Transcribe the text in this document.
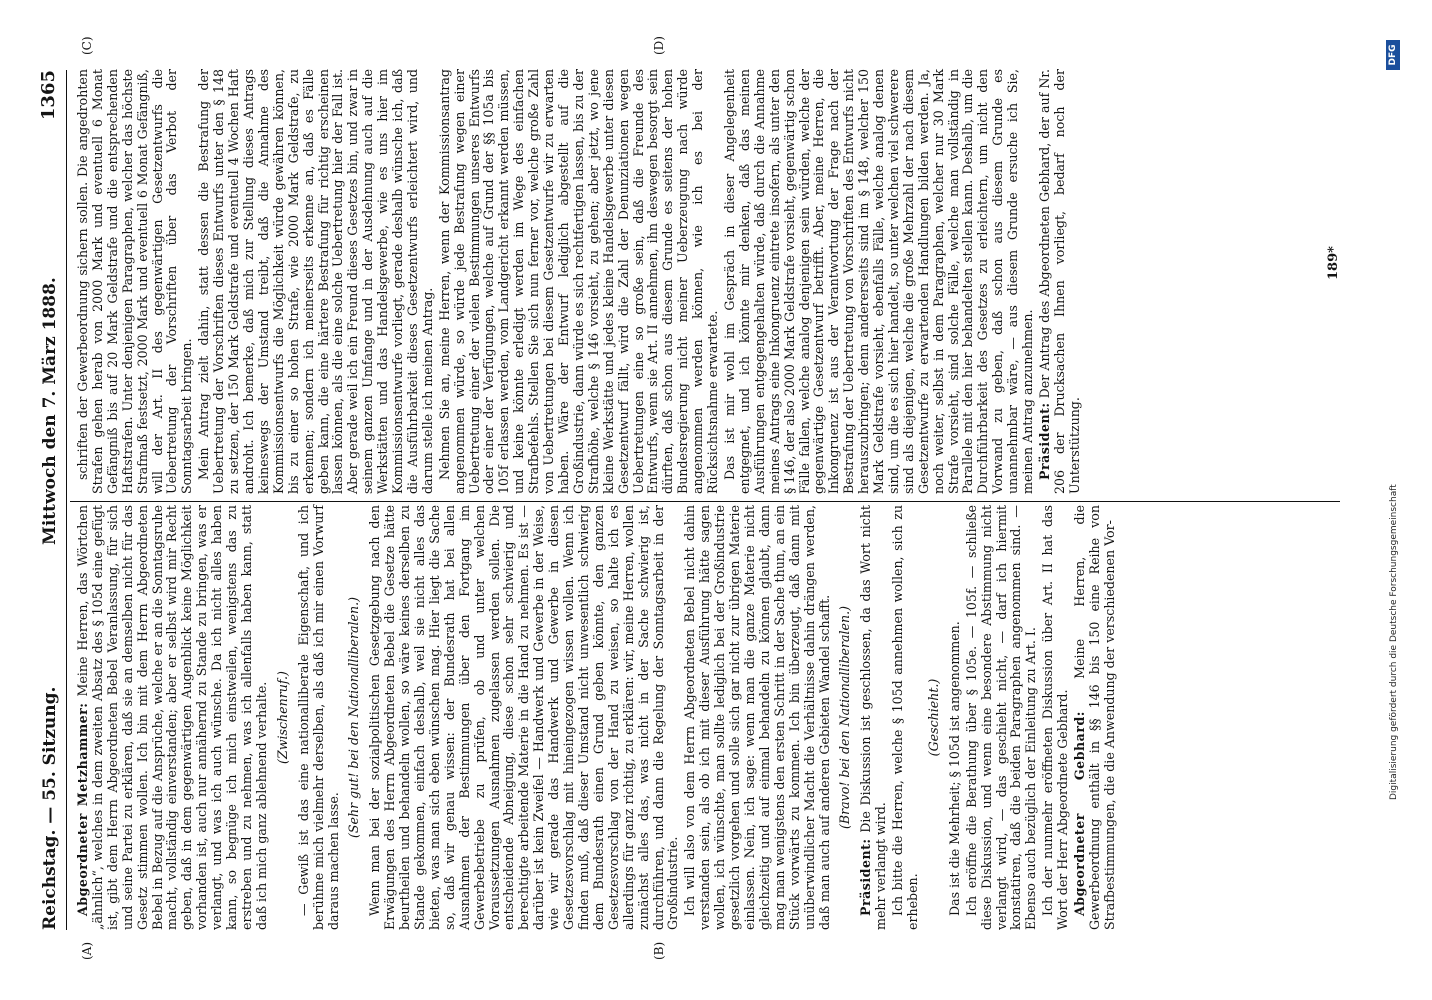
Reichstag. — 55. Sitzung.
Mittwoch den 7. März 1888.
1365
(A)	(B)
(C)	(D)

Abgeordneter Metzhammer: Meine Herren, das Wörtchen „ähnlich“, welches in dem zweiten Absatz des § 105d eine gefügt ist, gibt dem Herrn Abgeordneten Bebel Veranlassung, für sich und seine Partei zu erklären, daß sie an demselben nicht für das Gesetz stimmen wollen. Ich bin mit dem Herrn Abgeordneten Bebel in Bezug auf die Ansprüche, welche er an die Sonntagsruhe macht, vollständig einverstanden; aber er selbst wird mir Recht geben, daß in dem gegenwärtigen Augenblick keine Möglichkeit vorhanden ist, auch nur annähernd zu Stande zu bringen, was er verlangt, und was ich auch wünsche. Da ich nicht alles haben kann, so begnüge ich mich einstweilen, wenigstens das zu erstreben und zu nehmen, was ich allenfalls haben kann, statt daß ich mich ganz ablehnend verhalte. (Zwischenruf.) — Gewiß ist das eine nationalliberale Eigenschaft, und ich berühme mich vielmehr derselben, als daß ich mir einen Vorwurf daraus machen lasse.

(Sehr gut! bei den Nationalliberalen.) Wenn man bei der sozialpolitischen Gesetzgebung nach den Erwägungen des Herrn Abgeordneten Bebel die Gesetze hätte beurtheilen und behandeln wollen, so wäre keines derselben zu Stande gekommen, einfach deshalb, weil sie nicht alles das bieten, was man sich eben wünschen mag. Hier liegt die Sache so, daß wir genau wissen: der Bundesrath hat bei allen Ausnahmen der Bestimmungen über den Fortgang im Gewerbebetriebe zu prüfen, ob und unter welchen Voraussetzungen Ausnahmen zugelassen werden sollen. Die entscheidende Abneigung, diese schon sehr schwierig und berechtigte arbeitende Materie in die Hand zu nehmen. Es ist — darüber ist kein Zweifel — Handwerk und Gewerbe in der Weise, wie wir gerade das Handwerk und Gewerbe in diesen Gesetzesvorschlag mit hineingezogen wissen wollen. Wenn ich finden muß, daß dieser Umstand nicht unwesentlich schwierig dem Bundesrath einen Grund geben könnte, den ganzen Gesetzesvorschlag von der Hand zu weisen, so halte ich es allerdings für ganz richtig, zu erklären: wir, meine Herren, wollen zunächst alles das, was nicht in der Sache schwierig ist, durchführen, und dann die Regelung der Sonntagsarbeit in der Großindustrie. Ich will also von dem Herrn Abgeordneten Bebel nicht dahin verstanden sein, als ob ich mit dieser Ausführung hätte sagen wollen, ich wünschte, man sollte lediglich bei der Großindustrie gesetzlich vorgehen und solle sich gar nicht zur übrigen Materie einlassen. Nein, ich sage: wenn man die ganze Materie nicht gleichzeitig und auf einmal behandeln zu können glaubt, dann mag man wenigstens den ersten Schritt in der Sache thun, an ein Stück vorwärts zu kommen. Ich bin überzeugt, daß dann mit unüberwindlicher Macht die Verhältnisse dahin drängen werden, daß man auch auf anderen Gebieten Wandel schafft. (Bravo! bei den Nationalliberalen.)

Präsident: Die Diskussion ist geschlossen, da das Wort nicht mehr verlangt wird. Ich bitte die Herren, welche § 105d annehmen wollen, sich zu erheben.

(Geschieht.) Das ist die Mehrheit; § 105d ist angenommen. Ich eröffne die Berathung über § 105e. — 105f. — schließe diese Diskussion, und wenn eine besondere Abstimmung nicht verlangt wird, — das geschieht nicht, — darf ich hiermit konstatiren, daß die beiden Paragraphen angenommen sind. — Ebenso auch bezüglich der Einleitung zu Art. I. Ich der nunmehr eröffneten Diskussion über Art. II hat das Wort der Herr Abgeordnete Gebhard. Abgeordneter Gebhard: Meine Herren, die Gewerbeordnung enthält in §§ 146 bis 150 eine Reihe von Strafbestimmungen, die die Anwendung der verschiedenen Vor-

schriften der Gewerbeordnung sichern sollen. Die angedrohten Strafen gehen herab von 2000 Mark und eventuell 6 Monat Gefängniß bis auf 20 Mark Geldstrafe und die entsprechenden Haftstrafen. Unter denjenigen Paragraphen, welcher das höchste Strafmaß festsetzt, 2000 Mark und eventuell 6 Monat Gefängniß, will der Art. II des gegenwärtigen Gesetzentwurfs die Uebertretung der Vorschriften über das Verbot der Sonntagsarbeit bringen. Mein Antrag zielt dahin, statt dessen die Bestrafung der Uebertretung der Vorschriften dieses Entwurfs unter den § 148 zu setzen, der 150 Mark Geldstrafe und eventuell 4 Wochen Haft androht. Ich bemerke, daß mich zur Stellung dieses Antrags keineswegs der Umstand treibt, daß die Annahme des Kommissionsentwurfs die Möglichkeit würde gewähren können, bis zu einer so hohen Strafe, wie 2000 Mark Geldstrafe, zu erkennen; sondern ich meinerseits erkenne an, daß es Fälle geben kann, die eine härtere Bestrafung für richtig erscheinen lassen können, als die eine solche Uebertretung hier der Fall ist. Aber gerade weil ich ein Freund dieses Gesetzes bin, und zwar in seinem ganzen Umfange und in der Ausdehnung auch auf die Werkstätten und das Handelsgewerbe, wie es uns hier im Kommissionsentwurfe vorliegt, gerade deshalb wünsche ich, daß die Ausführbarkeit dieses Gesetzentwurfs erleichtert wird, und darum stelle ich meinen Antrag. Nehmen Sie an, meine Herren, wenn der Kommissionsantrag angenommen würde, so würde jede Bestrafung wegen einer Uebertretung einer der vielen Bestimmungen unseres Entwurfs oder einer der Verfügungen, welche auf Grund der §§ 105a bis 105f erlassen werden, vom Landgericht erkannt werden müssen, und keine könnte erledigt werden im Wege des einfachen Strafbefehls. Stellen Sie sich nun ferner vor, welche große Zahl von Uebertretungen bei diesem Gesetzentwurfe wir zu erwarten haben. Wäre der Entwurf lediglich abgestellt auf die Großindustrie, dann würde es sich rechtfertigen lassen, bis zu der Strafhöhe, welche § 146 vorsieht, zu gehen; aber jetzt, wo jene kleine Werkstätte und jedes kleine Handelsgewerbe unter diesen Gesetzentwurf fällt, wird die Zahl der Denunziationen wegen Uebertretungen eine so große sein, daß die Freunde des Entwurfs, wenn sie Art. II annehmen, ihn deswegen besorgt sein dürften, daß schon aus diesem Grunde es seitens der hohen Bundesregierung nicht meiner Ueberzeugung nach würde angenommen werden können, wie ich es bei der Rücksichtsnahme erwartete. Das ist mir wohl im Gespräch in dieser Angelegenheit entgegnet, und ich könnte mir denken, daß das meinen Ausführungen entgegengehalten würde, daß durch die Annahme meines Antrags eine Inkongruenz eintrete insofern, als unter den § 146, der also 2000 Mark Geldstrafe vorsieht, gegenwärtig schon Fälle fallen, welche analog denjenigen sein würden, welche der gegenwärtige Gesetzentwurf betrifft. Aber, meine Herren, die Inkongruenz ist aus der Verantwortung der Frage nach der Bestrafung der Uebertretung von Vorschriften des Entwurfs nicht herauszubringen; denn andererseits sind im § 148, welcher 150 Mark Geldstrafe vorsieht, ebenfalls Fälle, welche analog denen sind, um die es sich hier handelt, so unter welchen viel schwerere sind als diejenigen, welche die große Mehrzahl der nach diesem Gesetzentwurfe zu erwartenden Handlungen bilden werden. Ja, noch weiter, selbst in dem Paragraphen, welcher nur 30 Mark Strafe vorsieht, sind solche Fälle, welche man vollständig in Parallele mit den hier behandelten stellen kann. Deshalb, um die Durchführbarkeit des Gesetzes zu erleichtern, um nicht den Vorwand zu geben, daß schon aus diesem Grunde es unannehmbar wäre, — aus diesem Grunde ersuche ich Sie, meinen Antrag anzunehmen. Präsident: Der Antrag des Abgeordneten Gebhard, der auf Nr. 206 der Drucksachen Ihnen vorliegt, bedarf noch der Unterstützung.

189*
Digitalisierung gefördert durch die Deutsche Forschungsgemeinschaft
DFG
